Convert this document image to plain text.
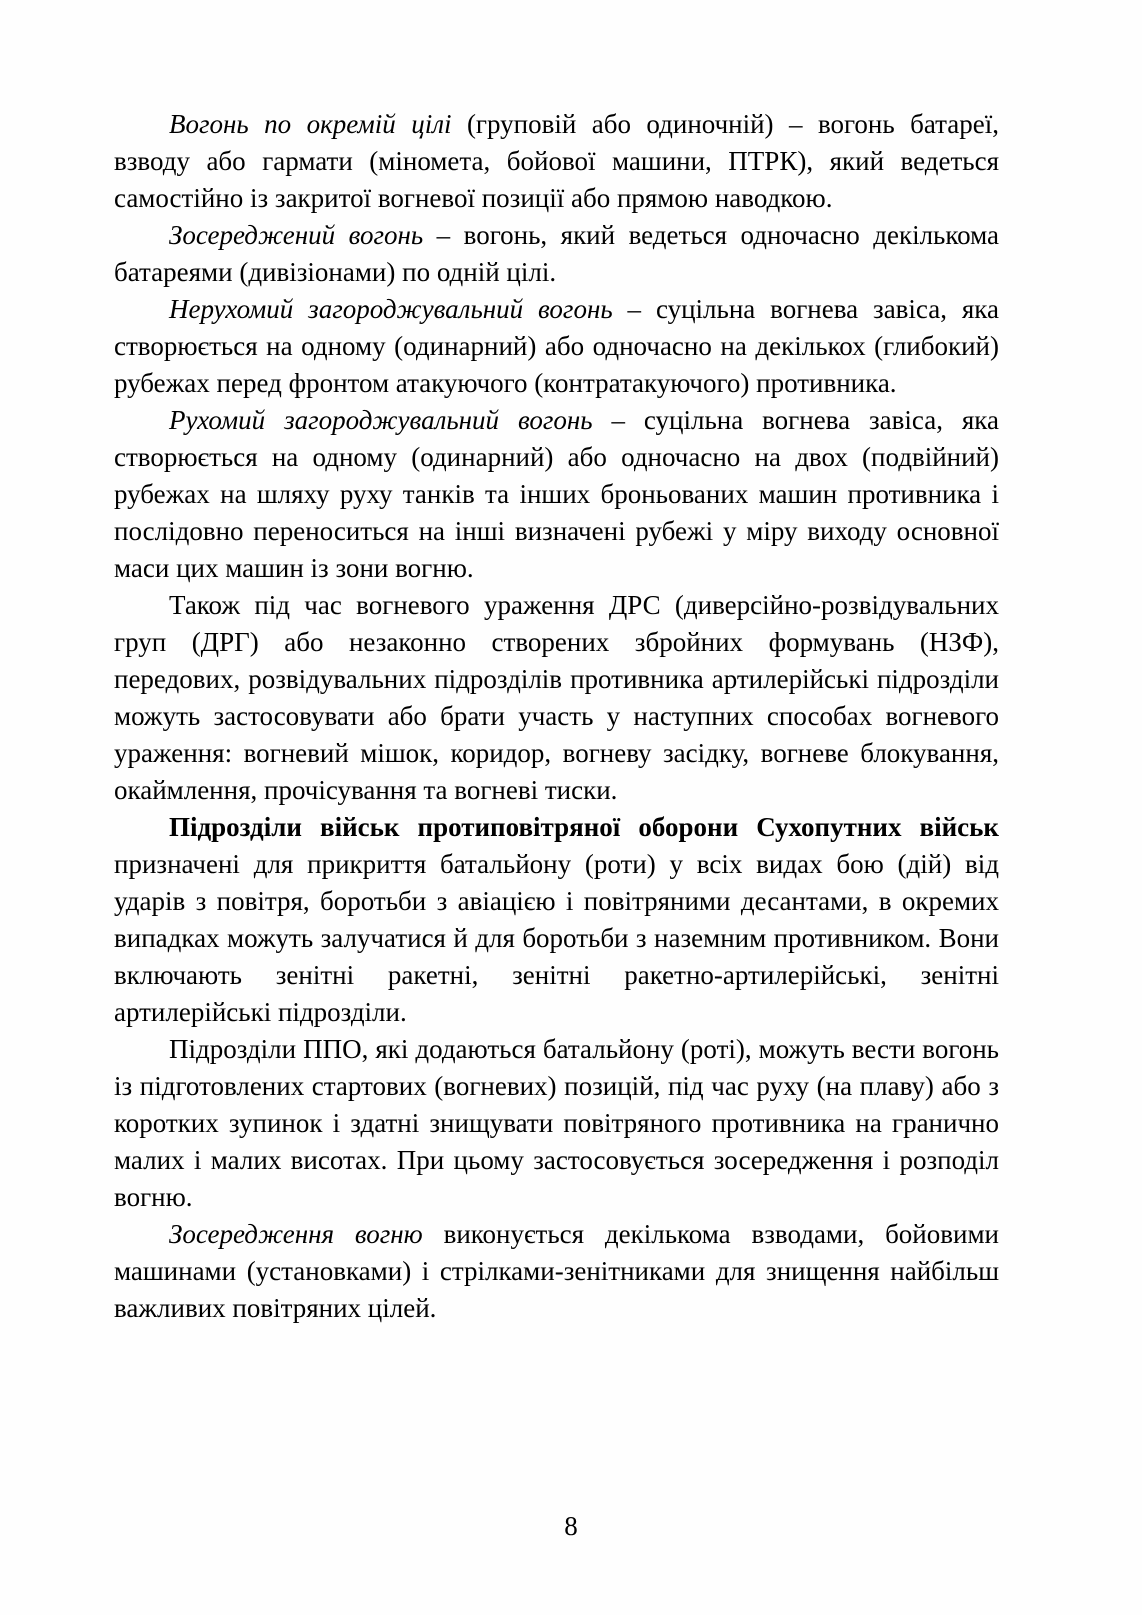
Вогонь по окремій цілі (груповій або одиночній) – вогонь батареї, взводу або гармати (міномета, бойової машини, ПТРК), який ведеться самостійно із закритої вогневої позиції або прямою наводкою.

Зосереджений вогонь – вогонь, який ведеться одночасно декількома батареями (дивізіонами) по одній цілі.

Нерухомий загороджувальний вогонь – суцільна вогнева завіса, яка створюється на одному (одинарний) або одночасно на декількох (глибокий) рубежах перед фронтом атакуючого (контратакуючого) противника.

Рухомий загороджувальний вогонь – суцільна вогнева завіса, яка створюється на одному (одинарний) або одночасно на двох (подвійний) рубежах на шляху руху танків та інших броньованих машин противника і послідовно переноситься на інші визначені рубежі у міру виходу основної маси цих машин із зони вогню.

Також під час вогневого ураження ДРС (диверсійно-розвідувальних груп (ДРГ) або незаконно створених збройних формувань (НЗФ), передових, розвідувальних підрозділів противника артилерійські підрозділи можуть застосовувати або брати участь у наступних способах вогневого ураження: вогневий мішок, коридор, вогневу засідку, вогневе блокування, окаймлення, прочісування та вогневі тиски.

Підрозділи військ протиповітряної оборони Сухопутних військ призначені для прикриття батальйону (роти) у всіх видах бою (дій) від ударів з повітря, боротьби з авіацією і повітряними десантами, в окремих випадках можуть залучатися й для боротьби з наземним противником. Вони включають зенітні ракетні, зенітні ракетно-артилерійські, зенітні артилерійські підрозділи.

Підрозділи ППО, які додаються батальйону (роті), можуть вести вогонь із підготовлених стартових (вогневих) позицій, під час руху (на плаву) або з коротких зупинок і здатні знищувати повітряного противника на гранично малих і малих висотах. При цьому застосовується зосередження і розподіл вогню.

Зосередження вогню виконується декількома взводами, бойовими машинами (установками) і стрілками-зенітниками для знищення найбільш важливих повітряних цілей.

8
